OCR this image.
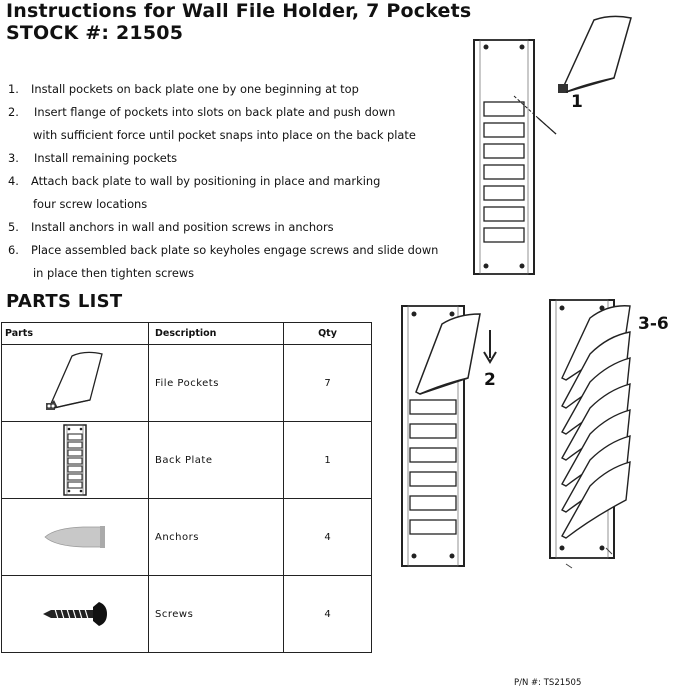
Instructions for Wall File Holder, 7 Pockets
STOCK #: 21505
1.	Install pockets on back plate one by one beginning at top
2.	Insert flange of pockets into slots on back plate and push down
with sufficient force until pocket snaps into place on the back plate
3.	Install remaining pockets
4.	Attach back plate to wall by positioning in place and marking
four screw locations
5.	Install anchors in wall and position screws in anchors
6.	Place assembled back plate so keyholes engage screws and slide down
in place then tighten screws
PARTS LIST
Parts	Description	Qty
	File Pockets	7
	Back Plate	1
	Anchors	4
	Screws	4
1
2
3-6
P/N #: TS21505
